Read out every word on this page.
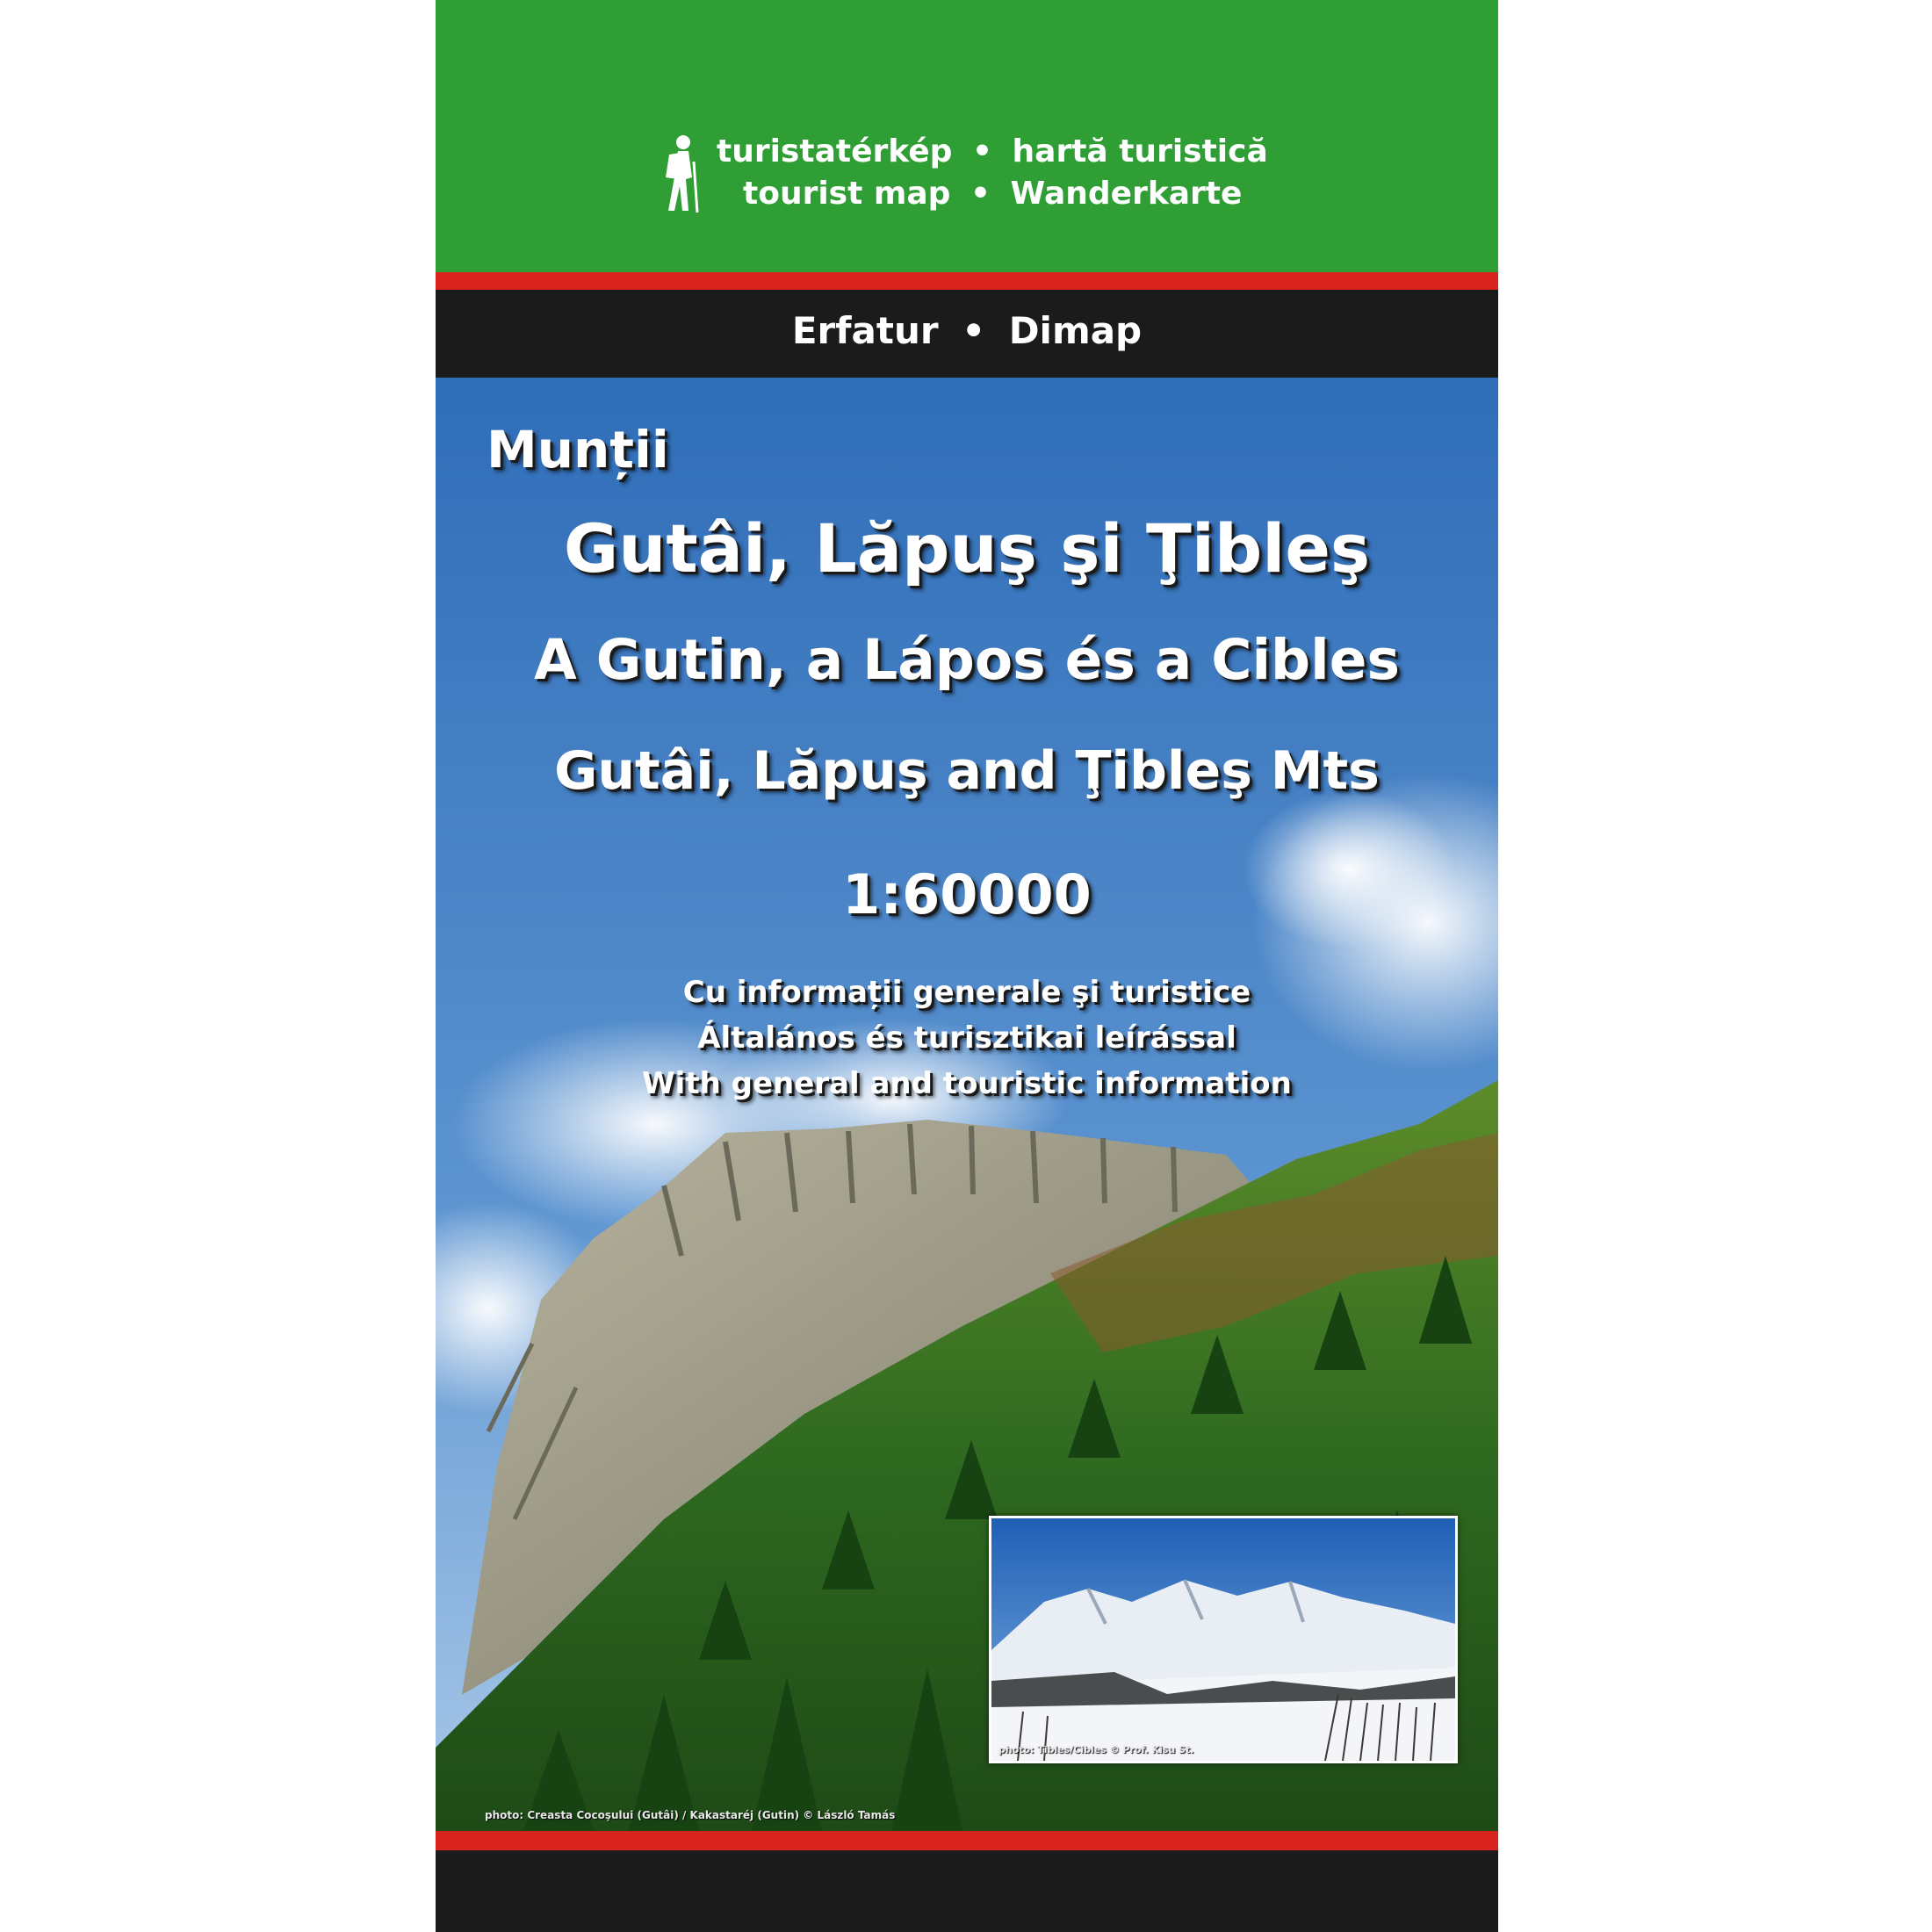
turistatérkép • hartă turistică
tourist map • Wanderkarte
Erfatur • Dimap
Munții
Gutâi, Lăpuş şi Ţibleş
A Gutin, a Lápos és a Cibles
Gutâi, Lăpuş and Ţibleş Mts
1:60000
Cu informații generale şi turistice
Általános és turisztikai leírással
With general and touristic information
photo: Tibles/Cibles © Prof. Kisu St.
photo: Creasta Cocoşului (Gutâi) / Kakastaréj (Gutin) © László Tamás
